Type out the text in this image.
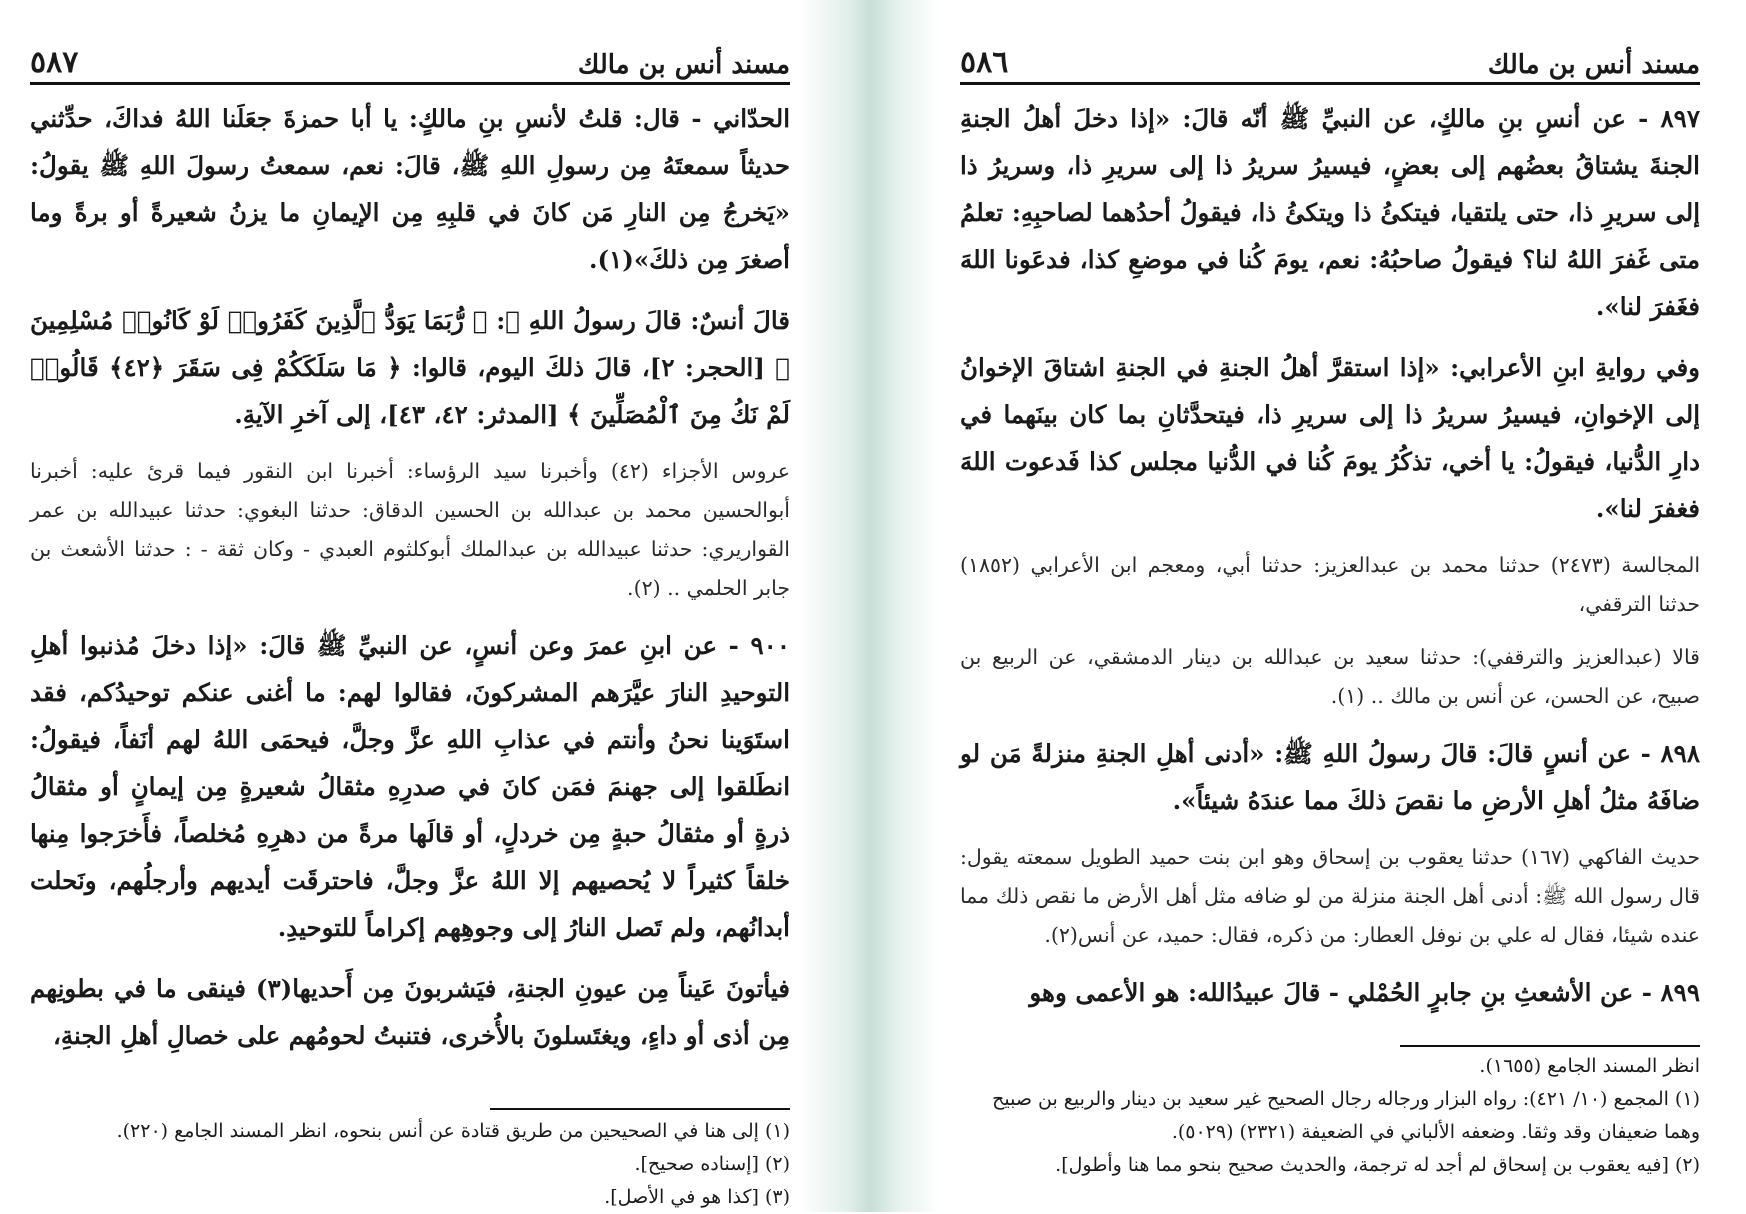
مسند أنس بن مالك
٥٨٧

الحدّاني - قال: قلتُ لأنسِ بنِ مالكٍ: يا أبا حمزةَ جعَلَنا اللهُ فداكَ، حدِّثني حديثاً سمعتَهُ مِن رسولِ اللهِ ﷺ، قالَ: نعم، سمعتُ رسولَ اللهِ ﷺ يقولُ: «يَخرجُ مِن النارِ مَن كانَ في قلبِهِ مِن الإيمانِ ما يزنُ شعيرةً أو برةً وما أصغرَ مِن ذلكَ»(١).

قالَ أنسٌ: قالَ رسولُ اللهِ ﷺ: ﴿ رُّبَمَا يَوَدُّ ٱلَّذِينَ كَفَرُوا۟ لَوْ كَانُوا۟ مُسْلِمِينَ ﴾ [الحجر: ٢]، قالَ ذلكَ اليوم، قالوا: ﴿ مَا سَلَكَكُمْ فِى سَقَرَ ﴿٤٢﴾ قَالُوا۟ لَمْ نَكُ مِنَ ٱلْمُصَلِّينَ ﴾ [المدثر: ٤٢، ٤٣]، إلى آخرِ الآيةِ.

عروس الأجزاء (٤٢) وأخبرنا سيد الرؤساء: أخبرنا ابن النقور فيما قرئ عليه: أخبرنا أبوالحسين محمد بن عبدالله بن الحسين الدقاق: حدثنا البغوي: حدثنا عبيدالله بن عمر القواريري: حدثنا عبيدالله بن عبدالملك أبوكلثوم العبدي - وكان ثقة - : حدثنا الأشعث بن جابر الحلمي .. (٢).

٩٠٠ - عن ابنِ عمرَ وعن أنسٍ، عن النبيِّ ﷺ قالَ: «إذا دخلَ مُذنبوا أهلِ التوحيدِ النارَ عيَّرَهم المشركونَ، فقالوا لهم: ما أغنى عنكم توحيدُكم، فقد استَوَينا نحنُ وأنتم في عذابِ اللهِ عزَّ وجلَّ، فيحمَى اللهُ لهم أنَفاً، فيقولُ: انطَلقوا إلى جهنمَ فمَن كانَ في صدرِهِ مثقالُ شعيرةٍ مِن إيمانٍ أو مثقالُ ذرةٍ أو مثقالُ حبةٍ مِن خردلٍ، أو قالَها مرةً من دهرِهِ مُخلصاً، فأَخرَجوا مِنها خلقاً كثيراً لا يُحصيهم إلا اللهُ عزَّ وجلَّ، فاحترقَت أيديهم وأرجلُهم، ونَحلت أبدانُهم، ولم تَصل النارُ إلى وجوهِهم إكراماً للتوحيدِ.

فيأتونَ عَيناً مِن عيونِ الجنةِ، فيَشربونَ مِن أَحديها(٣) فينقى ما في بطونِهم مِن أذى أو داءٍ، ويغتَسلونَ بالأُخرى، فتنبتُ لحومُهم على خصالِ أهلِ الجنةِ،

(١) إلى هنا في الصحيحين من طريق قتادة عن أنس بنحوه، انظر المسند الجامع (٢٢٠).
(٢) [إسناده صحيح].
(٣) [كذا هو في الأصل].
مسند أنس بن مالك
٥٨٦

٨٩٧ - عن أنسِ بنِ مالكٍ، عن النبيِّ ﷺ أنّه قالَ: «إذا دخلَ أهلُ الجنةِ الجنةَ يشتاقُ بعضُهم إلى بعضٍ، فيسيرُ سريرُ ذا إلى سريرِ ذا، وسريرُ ذا إلى سريرِ ذا، حتى يلتقيا، فيتكئُ ذا ويتكئُ ذا، فيقولُ أحدُهما لصاحبِهِ: تعلمُ متى غَفرَ اللهُ لنا؟ فيقولُ صاحبُهُ: نعم، يومَ كُنا في موضعِ كذا، فدعَونا اللهَ فغَفرَ لنا».

وفي روايةِ ابنِ الأعرابي: «إذا استقرَّ أهلُ الجنةِ في الجنةِ اشتاقَ الإخوانُ إلى الإخوانِ، فيسيرُ سريرُ ذا إلى سريرِ ذا، فيتحدَّثانِ بما كان بينَهما في دارِ الدُّنيا، فيقولُ: يا أخي، تذكُرُ يومَ كُنا في الدُّنيا مجلس كذا فَدعوت اللهَ فغفرَ لنا».

المجالسة (٢٤٧٣) حدثنا محمد بن عبدالعزيز: حدثنا أبي، ومعجم ابن الأعرابي (١٨٥٢) حدثنا الترقفي،

قالا (عبدالعزيز والترقفي): حدثنا سعيد بن عبدالله بن دينار الدمشقي، عن الربيع بن صبيح، عن الحسن، عن أنس بن مالك .. (١).

٨٩٨ - عن أنسٍ قالَ: قالَ رسولُ اللهِ ﷺ: «أدنى أهلِ الجنةِ منزلةً مَن لو ضافَهُ مثلُ أهلِ الأرضِ ما نقصَ ذلكَ مما عندَهُ شيئاً».

حديث الفاكهي (١٦٧) حدثنا يعقوب بن إسحاق وهو ابن بنت حميد الطويل سمعته يقول: قال رسول الله ﷺ: أدنى أهل الجنة منزلة من لو ضافه مثل أهل الأرض ما نقص ذلك مما عنده شيئا، فقال له علي بن نوفل العطار: من ذكره، فقال: حميد، عن أنس(٢).

٨٩٩ - عن الأشعثِ بنِ جابرٍ الحُمْلي - قالَ عبيدُالله: هو الأعمى وهو

انظر المسند الجامع (١٦٥٥).
(١) المجمع (١٠/ ٤٢١): رواه البزار ورجاله رجال الصحيح غير سعيد بن دينار والربيع بن صبيح وهما ضعيفان وقد وثقا. وضعفه الألباني في الضعيفة (٢٣٢١) (٥٠٢٩).
(٢) [فيه يعقوب بن إسحاق لم أجد له ترجمة، والحديث صحيح بنحو مما هنا وأطول].
